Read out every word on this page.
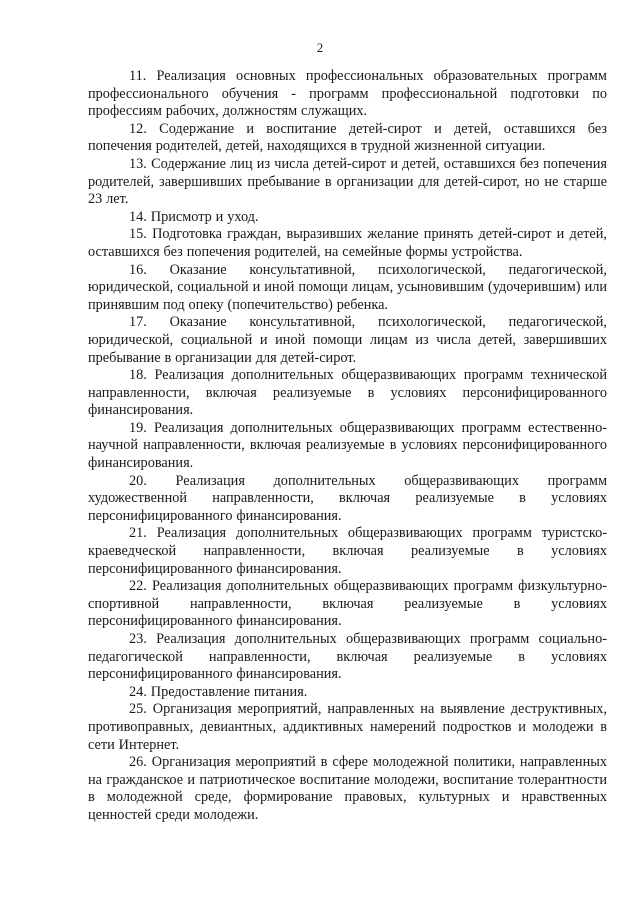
2

11. Реализация основных профессиональных образовательных программ профессионального обучения - программ профессиональной подготовки по профессиям рабочих, должностям служащих.

12. Содержание и воспитание детей-сирот и детей, оставшихся без попечения родителей, детей, находящихся в трудной жизненной ситуации.

13. Содержание лиц из числа детей-сирот и детей, оставшихся без попечения родителей, завершивших пребывание в организации для детей-сирот, но не старше 23 лет.

14. Присмотр и уход.

15. Подготовка граждан, выразивших желание принять детей-сирот и детей, оставшихся без попечения родителей, на семейные формы устройства.

16. Оказание консультативной, психологической, педагогической, юридической, социальной и иной помощи лицам, усыновившим (удочерившим) или принявшим под опеку (попечительство) ребенка.

17. Оказание консультативной, психологической, педагогической, юридической, социальной и иной помощи лицам из числа детей, завершивших пребывание в организации для детей-сирот.

18. Реализация дополнительных общеразвивающих программ технической направленности, включая реализуемые в условиях персонифицированного финансирования.

19. Реализация дополнительных общеразвивающих программ естественно-научной направленности, включая реализуемые в условиях персонифицированного финансирования.

20. Реализация дополнительных общеразвивающих программ художественной направленности, включая реализуемые в условиях персонифицированного финансирования.

21. Реализация дополнительных общеразвивающих программ туристско-краеведческой направленности, включая реализуемые в условиях персонифицированного финансирования.

22. Реализация дополнительных общеразвивающих программ физкультурно-спортивной направленности, включая реализуемые в условиях персонифицированного финансирования.

23. Реализация дополнительных общеразвивающих программ социально-педагогической направленности, включая реализуемые в условиях персонифицированного финансирования.

24. Предоставление питания.

25. Организация мероприятий, направленных на выявление деструктивных, противоправных, девиантных, аддиктивных намерений подростков и молодежи в сети Интернет.

26. Организация мероприятий в сфере молодежной политики, направленных на гражданское и патриотическое воспитание молодежи, воспитание толерантности в молодежной среде, формирование правовых, культурных и нравственных ценностей среди молодежи.
